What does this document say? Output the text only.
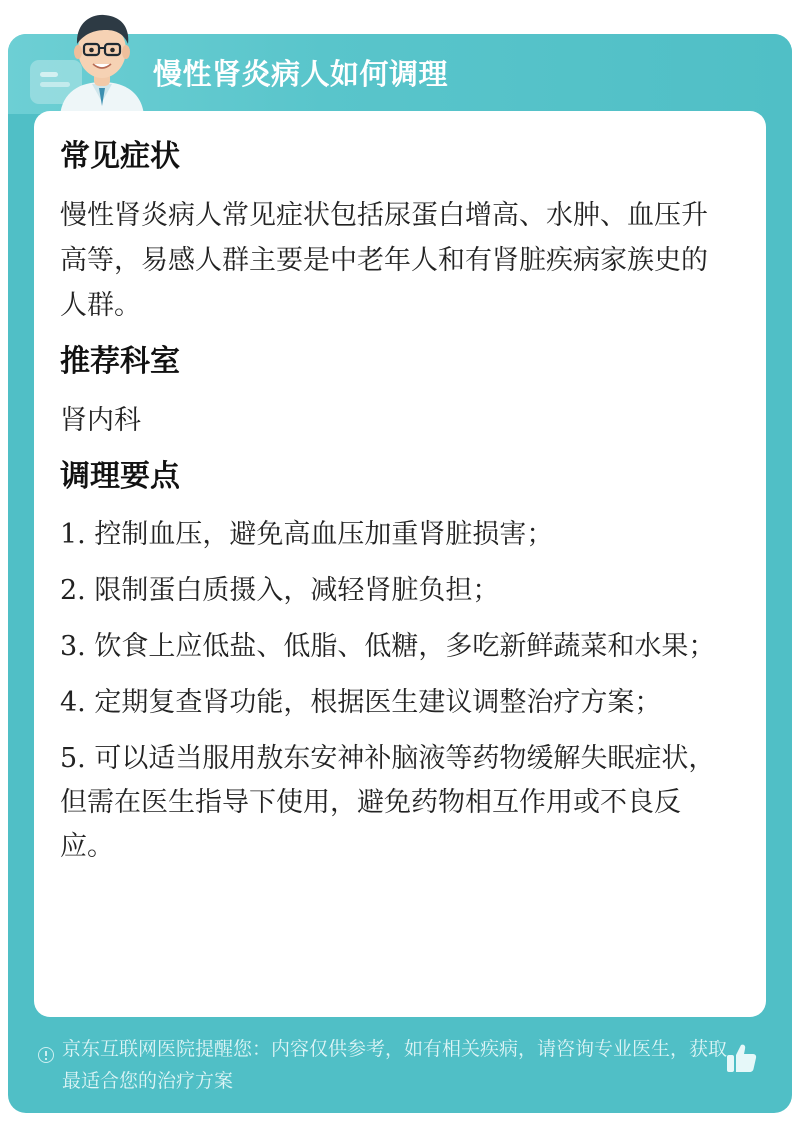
慢性肾炎病人如何调理
常见症状
慢性肾炎病人常见症状包括尿蛋白增高、水肿、血压升高等，易感人群主要是中老年人和有肾脏疾病家族史的人群。
推荐科室
肾内科
调理要点
1. 控制血压，避免高血压加重肾脏损害；
2. 限制蛋白质摄入，减轻肾脏负担；
3. 饮食上应低盐、低脂、低糖，多吃新鲜蔬菜和水果；
4. 定期复查肾功能，根据医生建议调整治疗方案；
5. 可以适当服用敖东安神补脑液等药物缓解失眠症状，但需在医生指导下使用，避免药物相互作用或不良反应。
京东互联网医院提醒您：内容仅供参考，如有相关疾病，请咨询专业医生，获取最适合您的治疗方案
